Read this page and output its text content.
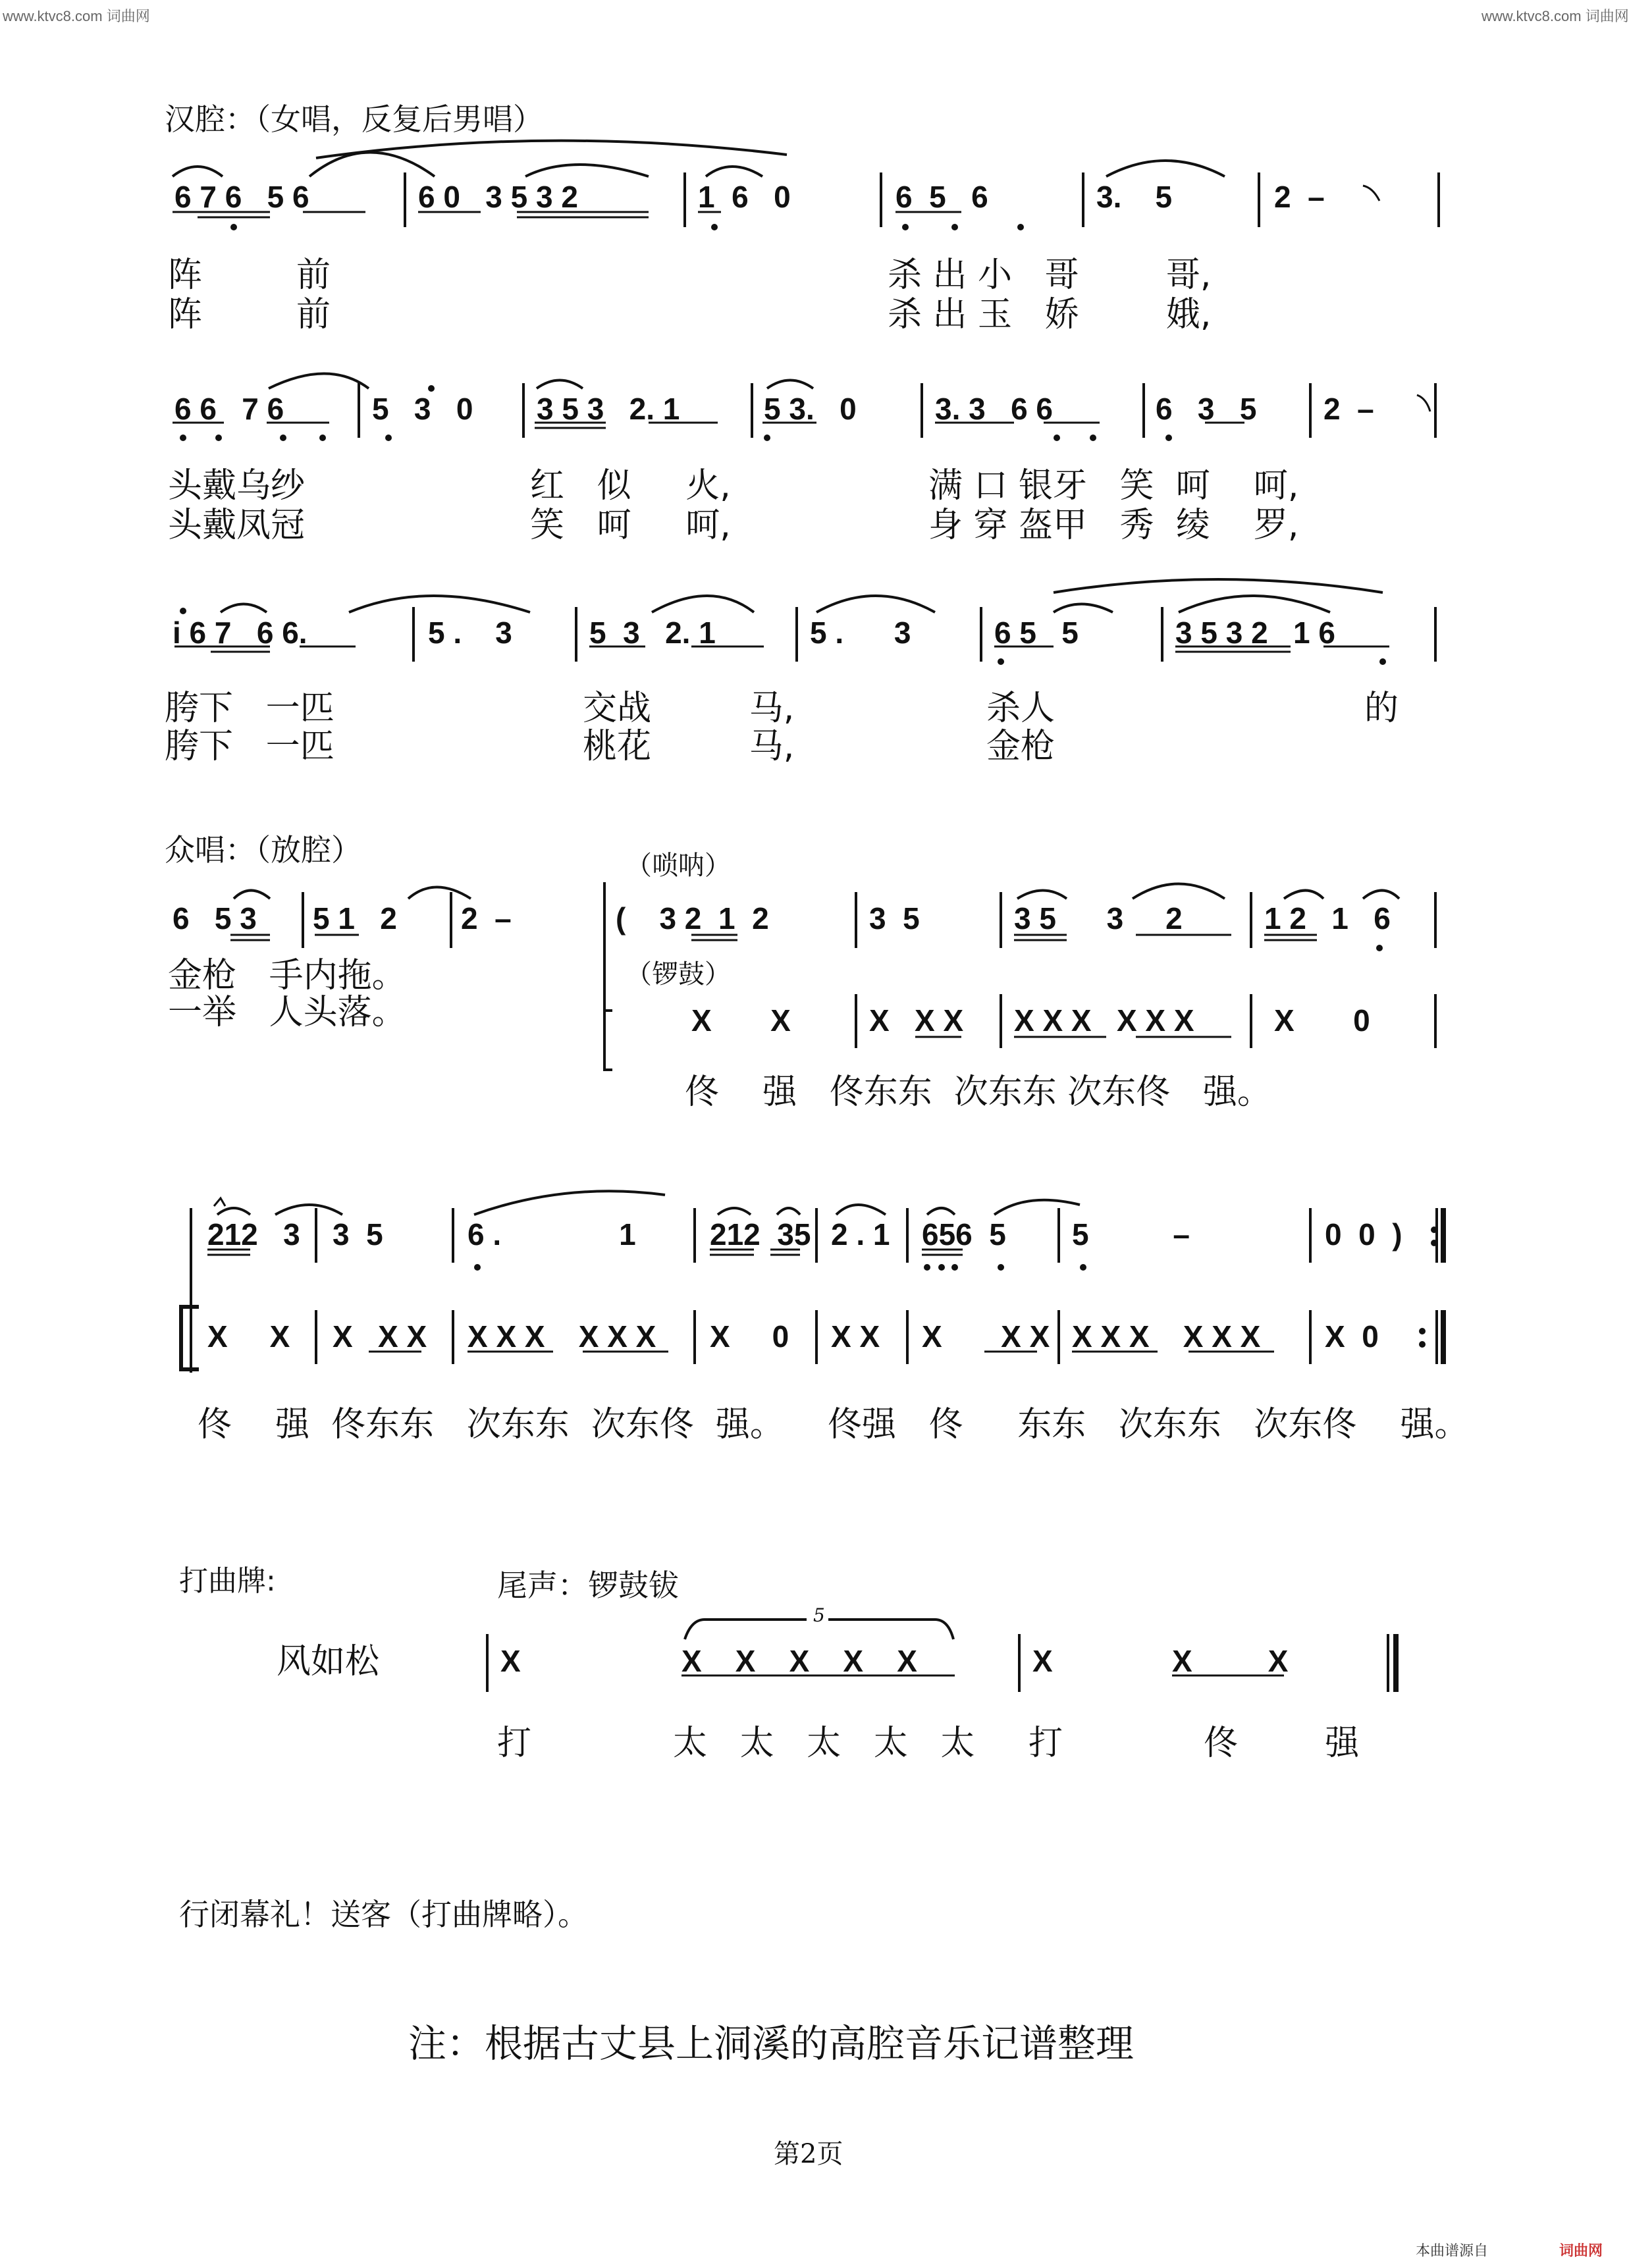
www.ktvc8.com 词曲网	www.ktvc8.com 词曲网
本曲谱源自	词曲网
汉腔：（女唱，反复后男唱）
6 7 6   5 6	6 0   3 5 3 2	1  6   0	6  5   6	3.    5	2  –
阵	前	杀 出 小   哥        哥,
阵	前	杀 出 玉   娇        娥,
6 6   7 6	5   3   0 3 5 3   2. 1	5 3.   0	3. 3   6 6	6   3   5 2  –
头戴乌纱	红   似     火,	满 口 银牙   笑  呵    呵,
头戴凤冠	笑   呵     呵,	身 穿 盔甲   秀  绫    罗,
i 6 7   6 6.	5 .    3	5  3   2. 1	5 .      3	6 5   5	3 5 3 2   1 6
胯下   一匹	交战         马,	杀人	的
胯下   一匹	桃花         马,	金枪
众唱：（放腔）
6   5 3 5 1   2 2  –
金枪   手内拖。
一举   人头落。
（唢呐）
(    3 2  1  2	3  5	3 5      3     2	1 2   1   6
（锣鼓）
X       X	X   X X X X X   X X X	X       0
佟    强   佟东东  次东东 次东佟   强。
212   3 3  5	6 .              1 212  35 2 . 1 656  5 5          –	0  0  )
X     X X   X X X X X    X X X X     0 X X X       X X X X X    X X X X  0
佟    强  佟东东   次东东  次东佟  强。    佟强   佟     东东   次东东   次东佟    强。
打曲牌:	尾声：锣鼓钹
风如松
5
X	X    X    X    X    X	X	X         X
打	太   太   太   太   太 打	佟        强
行闭幕礼！送客（打曲牌略）。
注：根据古丈县上洞溪的高腔音乐记谱整理
第2页
